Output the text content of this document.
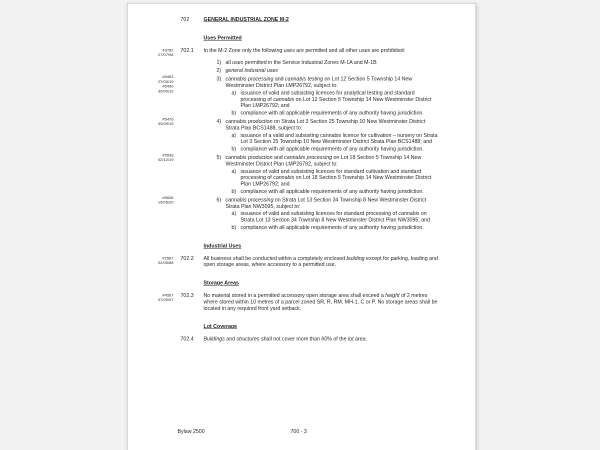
702	GENERAL INDUSTRIAL ZONE M-2
Uses Permitted
#3782
27/07/98
702.1 In the M-2 Zone only the following uses are permitted and all other uses are prohibited:
1) all uses permitted in the Service Industrial Zones M-1A and M-1B
2) general industrial uses
#5463
27/05/19
#5490
30/09/19
3) cannabis processing and cannabis testing on Lot 12 Section 5 Township 14 New Westminster District Plan LMP26792, subject to:
a) issuance of valid and subsisting licences for analytical testing and standard processing of cannabis on Lot 12 Section 5 Township 14 New Westminster District Plan LMP26792; and
b) compliance with all applicable requirements of any authority having jurisdiction.
#5476
30/09/19	4) cannabis production on Strata Lot 3 Section 25 Township 10 New Westminster District Strata Plan BCS1488, subject to:
a) issuance of a valid and subsisting cannabis licence for cultivation – nursery on Strata Lot 3 Section 25 Township 10 New Westminster District Strata Plan BCS1488; and
b) compliance with all applicable requirements of any authority having jurisdiction.
#5538
02/12/19	5) cannabis production and cannabis processing on Lot 18 Section 5 Township 14 New Westminster District Plan LMP26792, subject to:
a) issuance of valid and subsisting licences for standard cultivation and standard processing of cannabis on Lot 18 Section 5 Township 14 New Westminster District Plan LMP26792; and
b) compliance with all applicable requirements of any authority having jurisdiction.
#5606
15/06/20	6) cannabis processing on Strata Lot 13 Section 34 Township 8 New Westminster District Strata Plan NW3095, subject to:
a) issuance of valid and subsisting licences for standard processing of cannabis on Strata Lot 13 Section 34 Township 8 New Westminster District Plan NW3095; and
b) compliance with all applicable requirements of any authority having jurisdiction.
Industrial Uses
#2587
02/05/88
702.2 All business shall be conducted within a completely enclosed building except for parking, loading and open storage areas, where accessory to a permitted use.
Storage Areas
#4567
07/05/07
702.3 No material stored in a permitted accessory open storage area shall exceed a height of 2 metres where stored within 10 metres of a parcel zoned SR, R, RM, MH-1, C or P. No storage areas shall be located in any required front yard setback.
Lot Coverage
702.4 Buildings and structures shall not cover more than 60% of the lot area.
Bylaw 2500	700 - 3
